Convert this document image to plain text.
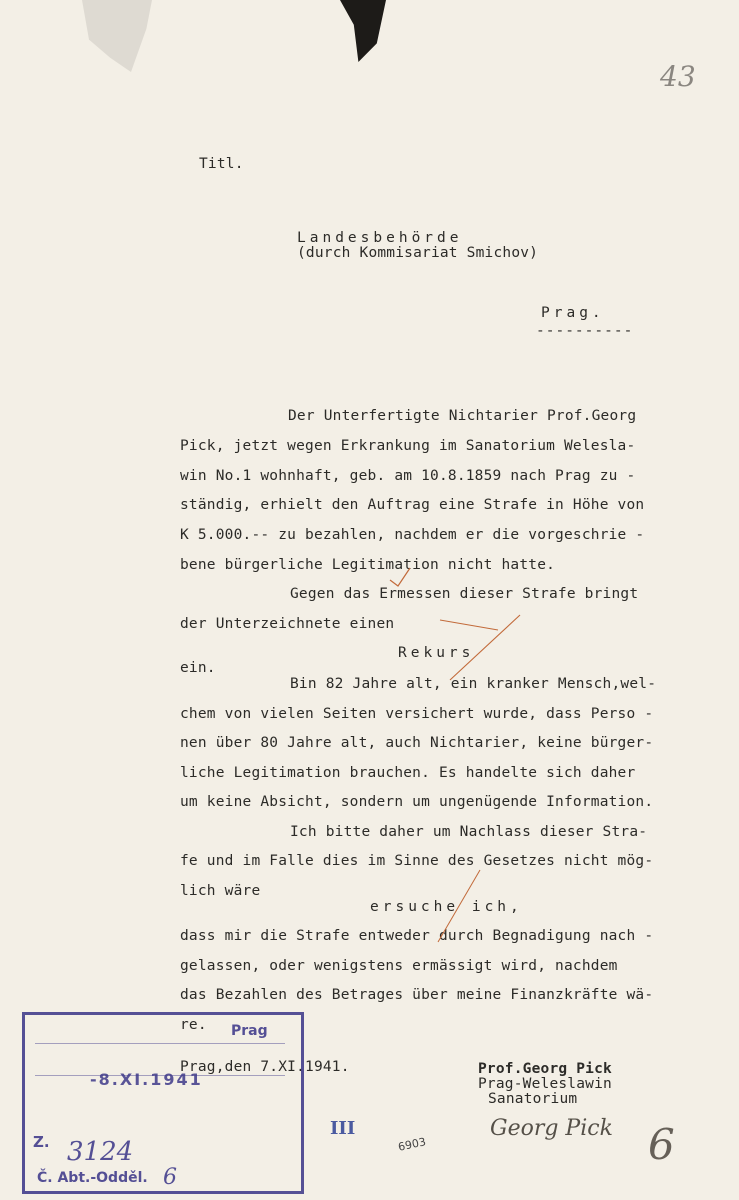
43
Titl.
Landesbehörde
(durch Kommisariat Smichov)
Prag.
----------
Der Unterfertigte Nichtarier Prof.Georg
Pick, jetzt wegen Erkrankung im Sanatorium Weleslа-
win No.1 wohnhaft, geb. am 10.8.1859 nach Prag zu -
ständig, erhielt den Auftrag eine Strafe in Höhe von
K 5.000.-- zu bezahlen, nachdem er die vorgeschrie -
bene bürgerliche Legitimation nicht hatte.
Gegen das Ermessen dieser Strafe bringt
der Unterzeichnete einen
Rekurs
ein.
Bin 82 Jahre alt, ein kranker Mensch,wel-
chem von vielen Seiten versichert wurde, dass Perso -
nen über 80 Jahre alt, auch Nichtarier, keine bürger-
liche Legitimation brauchen. Es handelte sich daher
um keine Absicht, sondern um ungenügende Information.
Ich bitte daher um Nachlass dieser Stra-
fe und im Falle dies im Sinne des Gesetzes nicht mög-
lich wäre
ersuche ich,
dass mir die Strafe entweder durch Begnadigung nach -
gelassen, oder wenigstens ermässigt wird, nachdem
das Bezahlen des Betrages über meine Finanzkräfte wä-
re.
Prag,den 7.XI.1941.	Prof.Georg Pick
Prag-Weleslawin
Sanatorium
Georg Pick 6
Prag
Z. 3124
Č. Abt.-Odděl. 6
-8.XI.1941
III
6903
